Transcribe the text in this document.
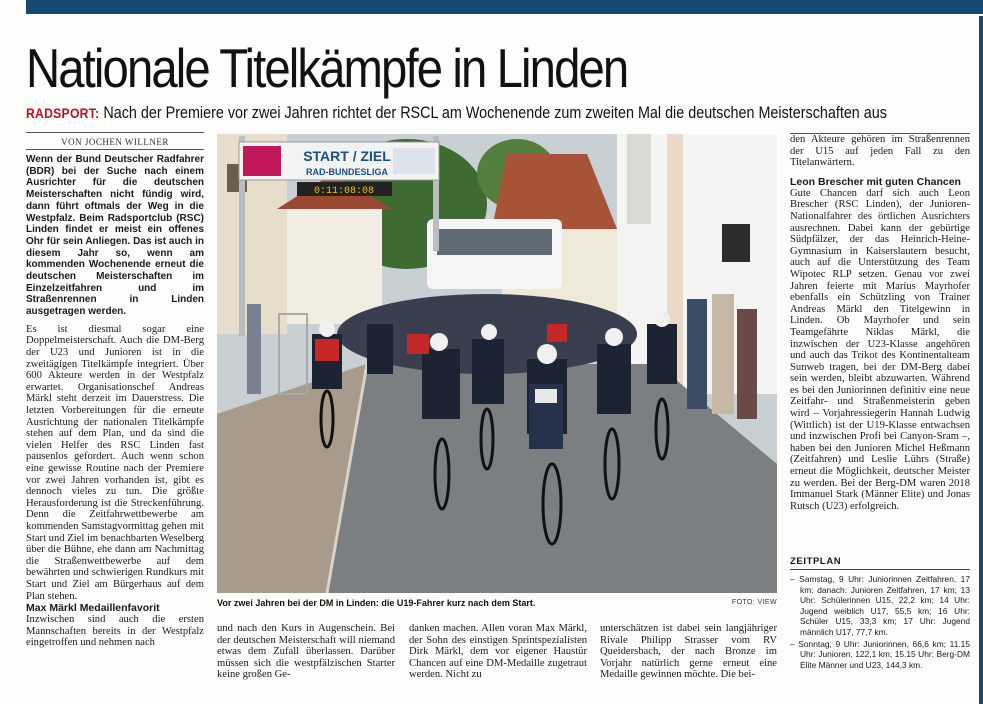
Nationale Titelkämpfe in Linden
RADSPORT: Nach der Premiere vor zwei Jahren richtet der RSCL am Wochenende zum zweiten Mal die deutschen Meisterschaften aus
VON JOCHEN WILLNER

Wenn der Bund Deutscher Radfahrer (BDR) bei der Suche nach einem Ausrichter für die deutschen Meisterschaften nicht fündig wird, dann führt oftmals der Weg in die Westpfalz. Beim Radsportclub (RSC) Linden findet er meist ein offenes Ohr für sein Anliegen. Das ist auch in diesem Jahr so, wenn am kommenden Wochenende erneut die deutschen Meisterschaften im Einzelzeitfahren und im Straßenrennen in Linden ausgetragen werden.

Es ist diesmal sogar eine Doppelmeisterschaft. Auch die DM-Berg der U23 und Junioren ist in die zweitägigen Titelkämpfe integriert. Über 600 Akteure werden in der Westpfalz erwartet. Organisationschef Andreas Märkl steht derzeit im Dauerstress. Die letzten Vorbereitungen für die erneute Ausrichtung der nationalen Titelkämpfe stehen auf dem Plan, und da sind die vielen Helfer des RSC Linden fast pausenlos gefordert. Auch wenn schon eine gewisse Routine nach der Premiere vor zwei Jahren vorhanden ist, gibt es dennoch vieles zu tun. Die größte Herausforderung ist die Streckenführung. Denn die Zeitfahrwettbewerbe am kommenden Samstagvormittag gehen mit Start und Ziel im benachbarten Weselberg über die Bühne, ehe dann am Nachmittag die Straßenwettbewerbe auf dem bewährten und schwierigen Rundkurs mit Start und Ziel am Bürgerhaus auf dem Plan stehen.

Max Märkl Medaillenfavorit

Inzwischen sind auch die ersten Mannschaften bereits in der Westpfalz eingetroffen und nehmen nach

START / ZIEL
RAD-BUNDESLIGA
0:11:08:08
Vor zwei Jahren bei der DM in Linden: die U19-Fahrer kurz nach dem Start.	FOTO: VIEW
und nach den Kurs in Augenschein. Bei der deutschen Meisterschaft will niemand etwas dem Zufall überlassen. Darüber müssen sich die westpfälzischen Starter keine großen Ge-
danken machen. Allen voran Max Märkl, der Sohn des einstigen Sprintspezialisten Dirk Märkl, dem vor eigener Haustür Chancen auf eine DM-Medaille zugetraut werden. Nicht zu
unterschätzen ist dabei sein langjähriger Rivale Philipp Strasser vom RV Queidersbach, der nach Bronze im Vorjahr natürlich gerne erneut eine Medaille gewinnen möchte. Die bei-

den Akteure gehören im Straßenrennen der U15 auf jeden Fall zu den Titelanwärtern.

Leon Brescher mit guten Chancen

Gute Chancen darf sich auch Leon Brescher (RSC Linden), der Junioren-Nationalfahrer des örtlichen Ausrichters ausrechnen. Dabei kann der gebürtige Südpfälzer, der das Heinrich-Heine-Gymnasium in Kaiserslautern besucht, auch auf die Unterstützung des Team Wipotec RLP setzen. Genau vor zwei Jahren feierte mit Marius Mayrhofer ebenfalls ein Schützling von Trainer Andreas Märkl den Titelgewinn in Linden. Ob Mayrhofer und sein Teamgefährte Niklas Märkl, die inzwischen der U23-Klasse angehören und auch das Trikot des Kontinentalteam Sunweb tragen, bei der DM-Berg dabei sein werden, bleibt abzuwarten. Während es bei den Juniorinnen definitiv eine neue Zeitfahr- und Straßenmeisterin geben wird – Vorjahressiegerin Hannah Ludwig (Wittlich) ist der U19-Klasse entwachsen und inzwischen Profi bei Canyon-Sram –, haben bei den Junioren Michel Heßmann (Zeitfahren) und Leslie Lührs (Straße) erneut die Möglichkeit, deutscher Meister zu werden. Bei der Berg-DM waren 2018 Immanuel Stark (Männer Elite) und Jonas Rutsch (U23) erfolgreich.

ZEITPLAN
– Samstag, 9 Uhr: Juniorinnen Zeitfahren, 17 km; danach: Junioren Zeitfahren, 17 km; 13 Uhr: Schülerinnen U15, 22,2 km; 14 Uhr: Jugend weiblich U17, 55,5 km; 16 Uhr: Schüler U15, 33,3 km; 17 Uhr: Jugend männlich U17, 77,7 km.
– Sonntag, 9 Uhr: Juniorinnen, 66,6 km; 11.15 Uhr: Junioren, 122,1 km; 15.15 Uhr: Berg-DM Elite Männer und U23, 144,3 km.
